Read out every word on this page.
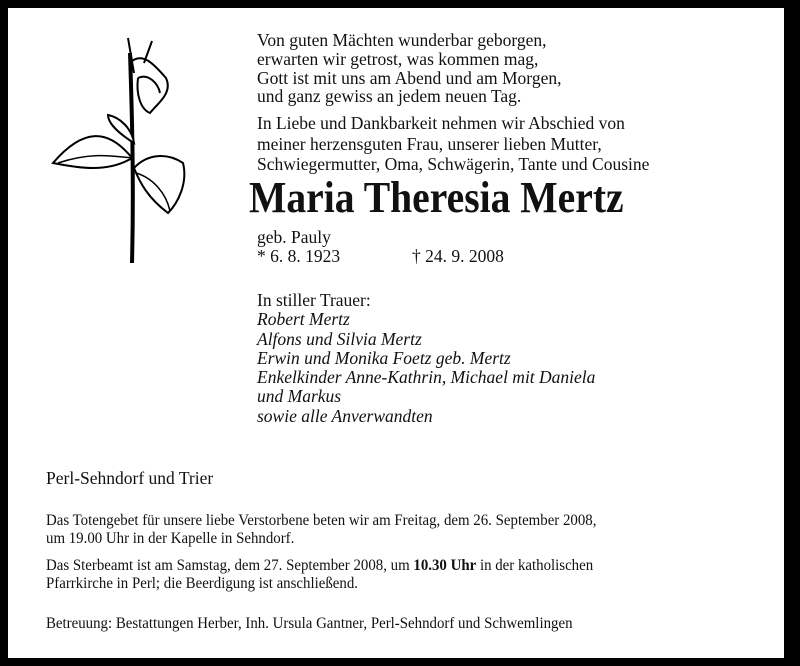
Von guten Mächten wunderbar geborgen,
erwarten wir getrost, was kommen mag,
Gott ist mit uns am Abend und am Morgen,
und ganz gewiss an jedem neuen Tag.
In Liebe und Dankbarkeit nehmen wir Abschied von
meiner herzensguten Frau, unserer lieben Mutter,
Schwiegermutter, Oma, Schwägerin, Tante und Cousine
Maria Theresia Mertz
geb. Pauly
* 6. 8. 1923	† 24. 9. 2008
In stiller Trauer:
Robert Mertz
Alfons und Silvia Mertz
Erwin und Monika Foetz geb. Mertz
Enkelkinder Anne-Kathrin, Michael mit Daniela
und Markus
sowie alle Anverwandten
Perl-Sehndorf und Trier
Das Totengebet für unsere liebe Verstorbene beten wir am Freitag, dem 26. September 2008,
um 19.00 Uhr in der Kapelle in Sehndorf.
Das Sterbeamt ist am Samstag, dem 27. September 2008, um 10.30 Uhr in der katholischen
Pfarrkirche in Perl; die Beerdigung ist anschließend.
Betreuung: Bestattungen Herber, Inh. Ursula Gantner, Perl-Sehndorf und Schwemlingen
